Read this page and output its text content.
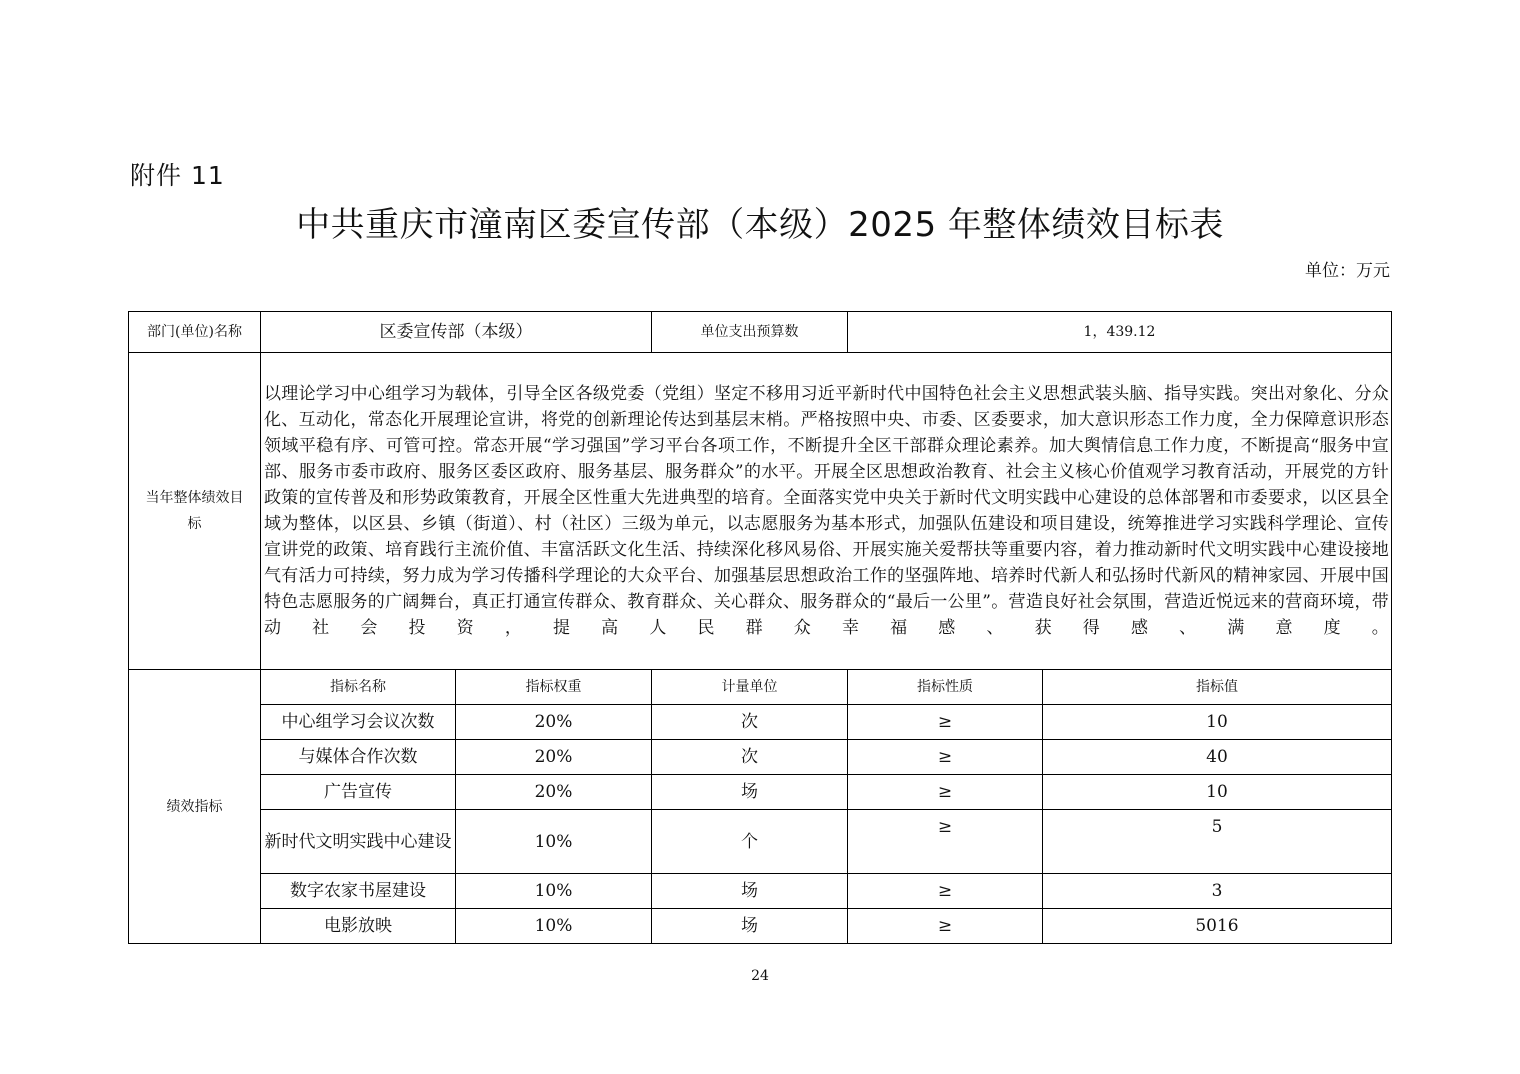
附件 11
中共重庆市潼南区委宣传部（本级）2025 年整体绩效目标表
单位：万元
部门(单位)名称	区委宣传部（本级）		单位支出预算数	1，439.12	
当年整体绩效目标	以理论学习中心组学习为载体，引导全区各级党委（党组）坚定不移用习近平新时代中国特色社会主义思想武装头脑、指导实践。突出对象化、分众化、互动化，常态化开展理论宣讲，将党的创新理论传达到基层末梢。严格按照中央、市委、区委要求，加大意识形态工作力度，全力保障意识形态领域平稳有序、可管可控。常态开展“学习强国”学习平台各项工作，不断提升全区干部群众理论素养。加大舆情信息工作力度，不断提高“服务中宣部、服务市委市政府、服务区委区政府、服务基层、服务群众”的水平。开展全区思想政治教育、社会主义核心价值观学习教育活动，开展党的方针政策的宣传普及和形势政策教育，开展全区性重大先进典型的培育。全面落实党中央关于新时代文明实践中心建设的总体部署和市委要求，以区县全域为整体，以区县、乡镇（街道）、村（社区）三级为单元，以志愿服务为基本形式，加强队伍建设和项目建设，统筹推进学习实践科学理论、宣传宣讲党的政策、培育践行主流价值、丰富活跃文化生活、持续深化移风易俗、开展实施关爱帮扶等重要内容，着力推动新时代文明实践中心建设接地气有活力可持续，努力成为学习传播科学理论的大众平台、加强基层思想政治工作的坚强阵地、培养时代新人和弘扬时代新风的精神家园、开展中国特色志愿服务的广阔舞台，真正打通宣传群众、教育群众、关心群众、服务群众的“最后一公里”。营造良好社会氛围，营造近悦远来的营商环境，带动社会投资，提高人民群众幸福感、获得感、满意度。				

绩效指标	指标名称	指标权重	计量单位	指标性质	指标值
	中心组学习会议次数	20%	次	≥	10
	与媒体合作次数	20%	次	≥	40
	广告宣传	20%	场	≥	10
	新时代文明实践中心建设	10%	个	≥	5
	数字农家书屋建设	10%	场	≥	3
	电影放映	10%	场	≥	5016
24
